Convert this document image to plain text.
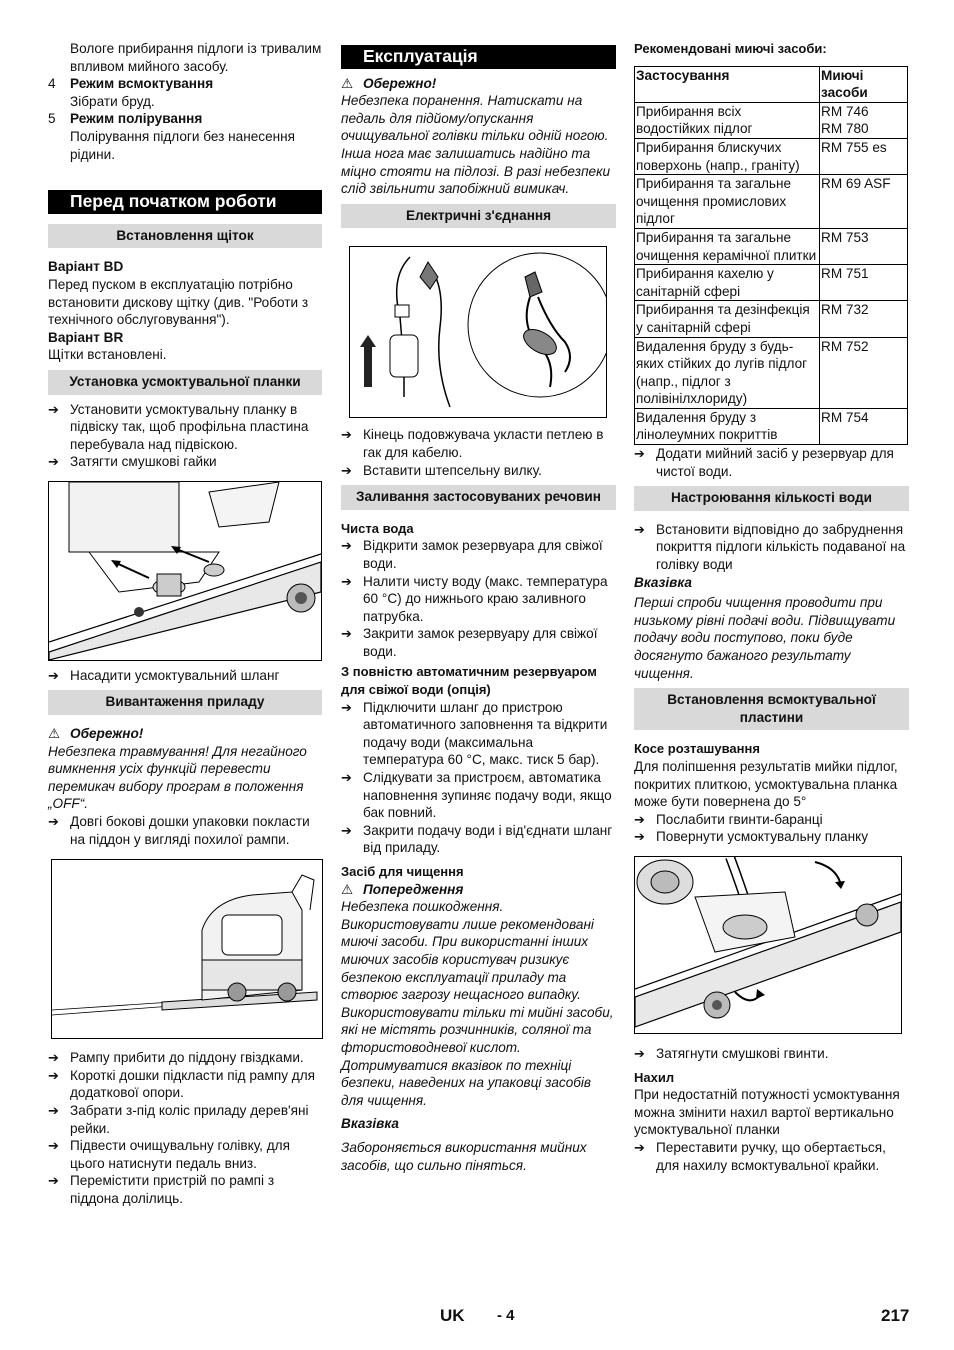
Вологе прибирання підлоги із тривалим впливом мийного засобу.

4	Режим всмоктування

Зібрати бруд.

5	Режим полірування

Полірування підлоги без нанесення рідини.

Перед початком роботи
Встановлення щіток

Варіант BD

Перед пуском в експлуатацію потрібно встановити дискову щітку (див. "Роботи з технічного обслуговування").

Варіант BR

Щітки встановлені.

Установка усмоктувальної планки
➔ Установити усмоктувальну планку в підвіску так, щоб профільна пластина перебувала над підвіскою.
➔ Затягти смушкові гайки
➔ Насадити усмоктувальний шланг
Вивантаження приладу
⚠ Обережно!

Небезпека травмування! Для негайного вимкнення усіх функцій перевести перемикач вибору програм в положення „OFF“.

➔ Довгі бокові дошки упаковки покласти на піддон у вигляді похилої рампи.
➔ Рампу прибити до піддону гвіздками.
➔ Короткі дошки підкласти під рампу для додаткової опори.
➔ Забрати з-під коліс приладу дерев'яні рейки.
➔ Підвести очищувальну голівку, для цього натиснути педаль вниз.
➔ Перемістити пристрій по рампі з піддона долілиць.
Експлуатація
⚠ Обережно!

Небезпека поранення. Натискати на педаль для підйому/опускання очищувальної голівки тільки одній ногою. Інша нога має залишатись надійно та міцно стояти на підлозі. В разі небезпеки слід звільнити запобіжний вимикач.

Електричні з'єднання
➔ Кінець подовжувача укласти петлею в гак для кабелю.
➔ Вставити штепсельну вилку.
Заливання застосовуваних речовин

Чиста вода

➔ Відкрити замок резервуара для свіжої води.
➔ Налити чисту воду (макс. температура 60 °C) до нижнього краю заливного патрубка.
➔ Закрити замок резервуару для свіжої води.

З повністю автоматичним резервуаром для свіжої води (опція)

➔ Підключити шланг до пристрою автоматичного заповнення та відкрити подачу води (максимальна температура 60 °C, макс. тиск 5 бар).
➔ Слідкувати за пристроєм, автоматика наповнення зупиняє подачу води, якщо бак повний.
➔ Закрити подачу води і від'єднати шланг від приладу.

Засіб для чищення

⚠ Попередження

Небезпека пошкодження. Використовувати лише рекомендовані миючі засоби. При використанні інших миючих засобів користувач ризикує безпекою експлуатації приладу та створює загрозу нещасного випадку. Використовувати тільки ті мийні засоби, які не містять розчинників, соляної та фтористоводневої кислот. Дотримуватися вказівок по техніці безпеки, наведених на упаковці засобів для чищення.

Вказівка

Забороняється використання мийних засобів, що сильно піняться.

Рекомендовані миючі засоби:

Застосування	Миючі засоби
Прибирання всіх водостійких підлог	RM 746
RM 780
Прибирання блискучих поверхонь (напр., граніту)	RM 755 es
Прибирання та загальне очищення промислових підлог	RM 69 ASF
Прибирання та загальне очищення керамічної плитки	RM 753
Прибирання кахелю у санітарній сфері	RM 751
Прибирання та дезінфекція у санітарній сфері	RM 732
Видалення бруду з будь-яких стійких до лугів підлог (напр., підлог з полівінілхлориду)	RM 752
Видалення бруду з лінолеумних покриттів	RM 754
➔ Додати мийний засіб у резервуар для чистої води.
Настроювання кількості води
➔ Встановити відповідно до забруднення покриття підлоги кількість подаваної на голівку води

Вказівка

Перші спроби чищення проводити при низькому рівні подачі води. Підвищувати подачу води поступово, поки буде досягнуто бажаного результату чищення.

Встановлення всмоктувальної пластини

Косе розташування

Для поліпшення результатів мийки підлог, покритих плиткою, усмоктувальна планка може бути повернена до 5°

➔ Послабити гвинти-баранці
➔ Повернути усмоктувальну планку
➔ Затягнути смушкові гвинти.

Нахил

При недостатній потужності усмоктування можна змінити нахил вартої вертикально усмоктувальної планки

➔ Переставити ручку, що обертається, для нахилу всмоктувальної крайки.
UK - 4	217
